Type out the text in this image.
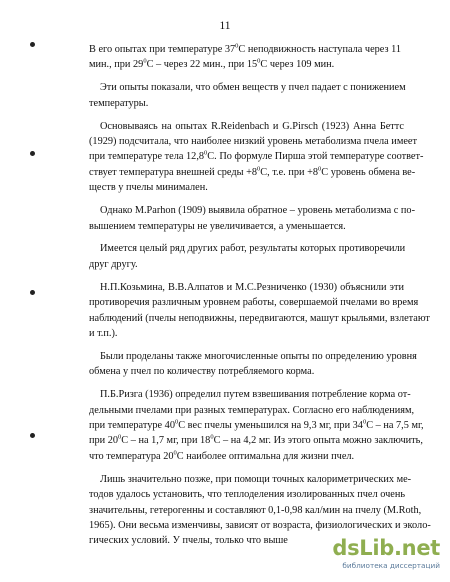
11
В его опытах при температуре $37^0С$ неподвижность наступала через 11
мин., при $29^0С$ – через 22 мин., при $15^0С$ через 109 мин.
Эти опыты показали, что обмен веществ у пчел падает с понижением
температуры.
Основываясь на опытах R.Reidenbach и G.Pirsch (1923) Анна Беттс
(1929) подсчитала, что наиболее низкий уровень метаболизма пчела имеет
при температуре тела 12,8$^0$С. По формуле Пирша этой температуре соответ-
ствует температура внешней среды $+8^0С$, т.е. при $+8^0С$ уровень обмена ве-
ществ у пчелы минимален.
Однако M.Parhon (1909) выявила обратное – уровень метаболизма с по-
вышением температуры не увеличивается, а уменьшается.
Имеется целый ряд других работ, результаты которых противоречили
друг другу.
Н.П.Козьмина, В.В.Алпатов и М.С.Резниченко (1930) объяснили эти
противоречия различным уровнем работы, совершаемой пчелами во время
наблюдений (пчелы неподвижны, передвигаются, машут крыльями, взлетают
и т.п.).
Были проделаны также многочисленные опыты по определению уровня
обмена у пчел по количеству потребляемого корма.
П.Б.Ризга (1936) определил путем взвешивания потребление корма от-
дельными пчелами при разных температурах. Согласно его наблюдениям,
при температуре $40^0С$ вес пчелы уменьшился на 9,3 мг, при $34^0С$ – на 7,5 мг,
при $20^0С$ – на 1,7 мг, при $18^0С$ – на 4,2 мг. Из этого опыта можно заключить,
что температура $20^0С$ наиболее оптимальна для жизни пчел.
Лишь значительно позже, при помощи точных калориметрических ме-
тодов удалось установить, что теплоделения изолированных пчел очень
значительны, гетерогенны и составляют 0,1-0,98 кал/мин на пчелу (M.Roth,
1965). Они весьма изменчивы, зависят от возраста, физиологических и эколо-
гических условий. У пчелы, только что выше	dsLib.net
библиотека диссертаций
